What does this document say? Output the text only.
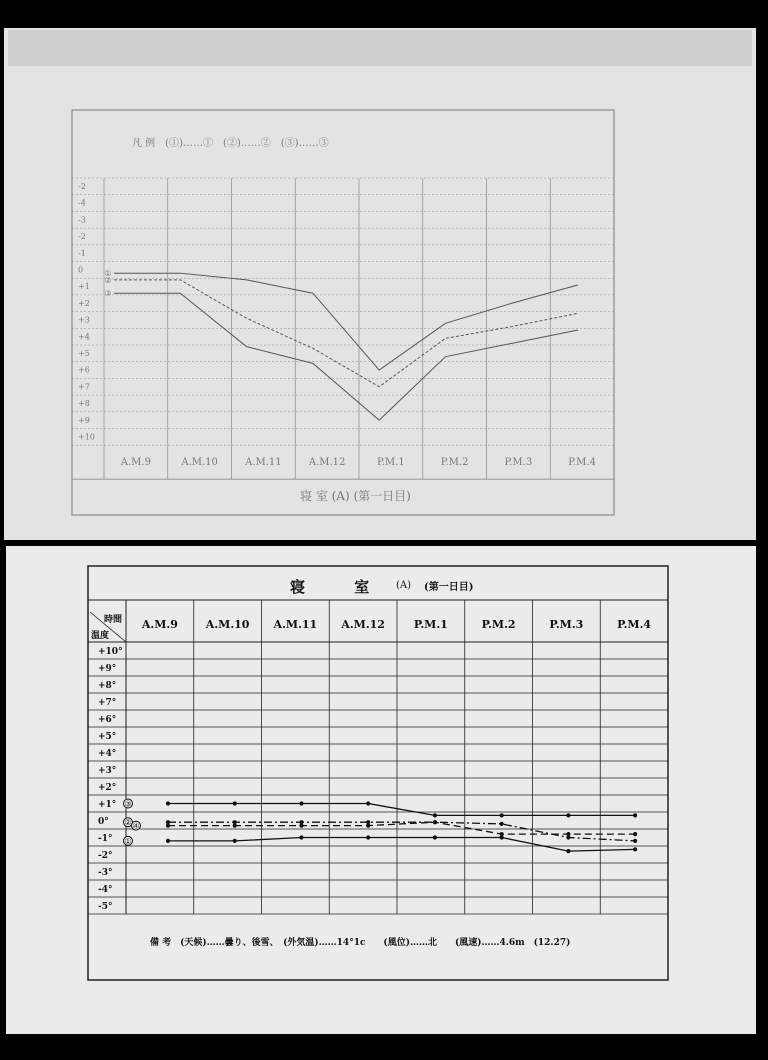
凡 例　(①)……①　(②)……②　(③)……③
-2
-4
-3
-2
-1
0
+1
+2
+3
+4
+5
+6
+7
+8
+9
+10
A.M.9	A.M.10	A.M.11	A.M.12	P.M.1	P.M.2	P.M.3	P.M.4
①
②
③
寝 室 (A) (第一日目)
寝 室 (A) (第一日目)
時間
温度
A.M.9	A.M.10 A.M.11 A.M.12	P.M.1	P.M.2	P.M.3	P.M.4
+10°
+9°
+8°
+7°
+6°
+5°
+4°
+3°
+2°
+1°
0°
-1°
-2°
-3°
-4°
-5°
③
② ④
①
備 考　(天候)……曇り、後雪、　(外気温)……14°1c　　(風位)……北　　(風速)……4.6m　(12.27)
